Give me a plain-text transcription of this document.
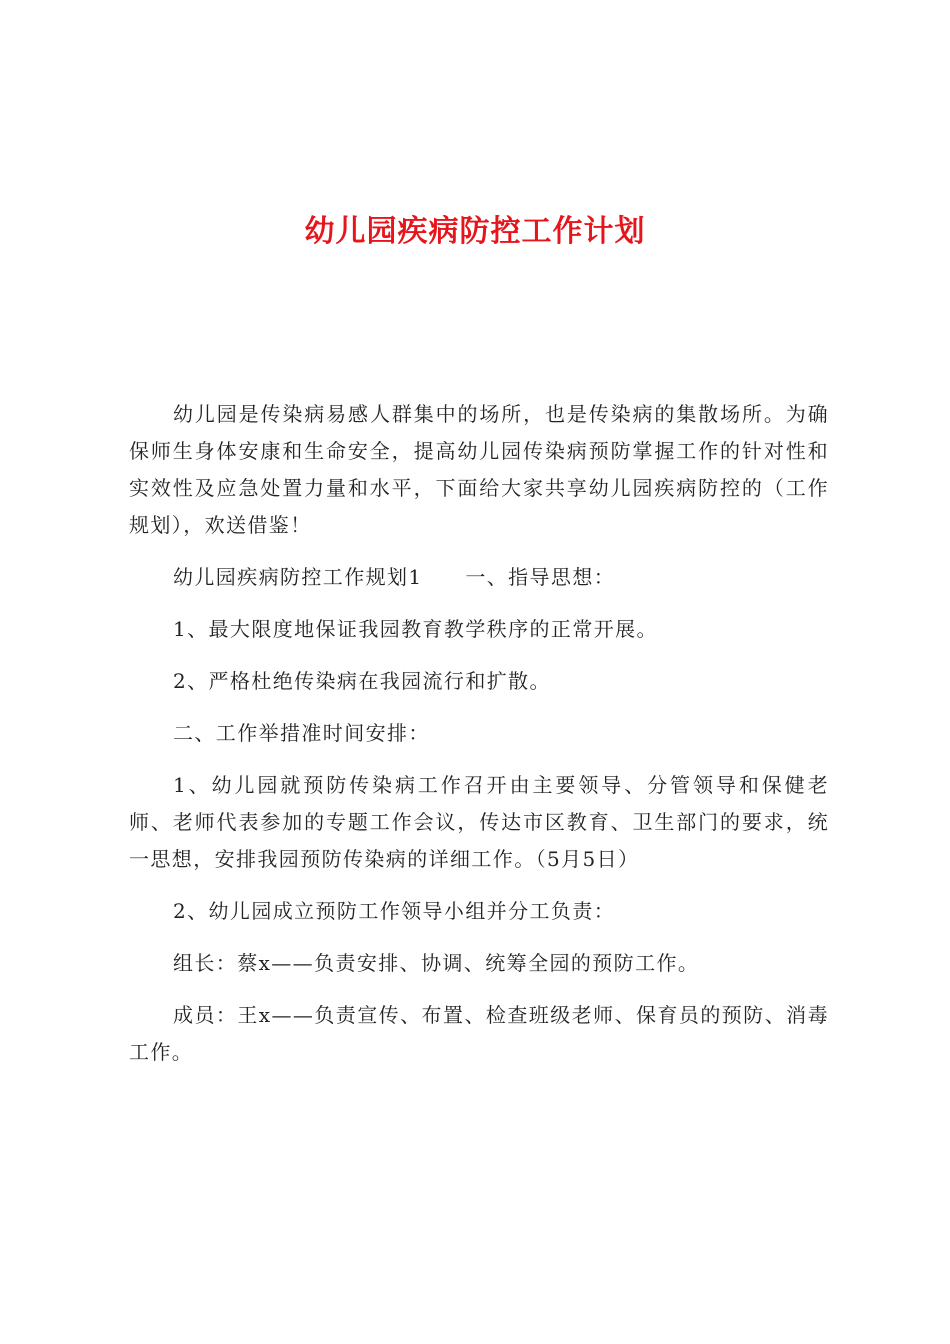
幼儿园疾病防控工作计划

幼儿园是传染病易感人群集中的场所，也是传染病的集散场所。为确保师生身体安康和生命安全，提高幼儿园传染病预防掌握工作的针对性和实效性及应急处置力量和水平，下面给大家共享幼儿园疾病防控的（工作规划），欢送借鉴！

幼儿园疾病防控工作规划1　　一、指导思想：

1、最大限度地保证我园教育教学秩序的正常开展。

2、严格杜绝传染病在我园流行和扩散。

二、工作举措准时间安排：

1、幼儿园就预防传染病工作召开由主要领导、分管领导和保健老师、老师代表参加的专题工作会议，传达市区教育、卫生部门的要求，统一思想，安排我园预防传染病的详细工作。（5月5日）

2、幼儿园成立预防工作领导小组并分工负责：

组长：蔡x——负责安排、协调、统筹全园的预防工作。

成员：王x——负责宣传、布置、检查班级老师、保育员的预防、消毒工作。
